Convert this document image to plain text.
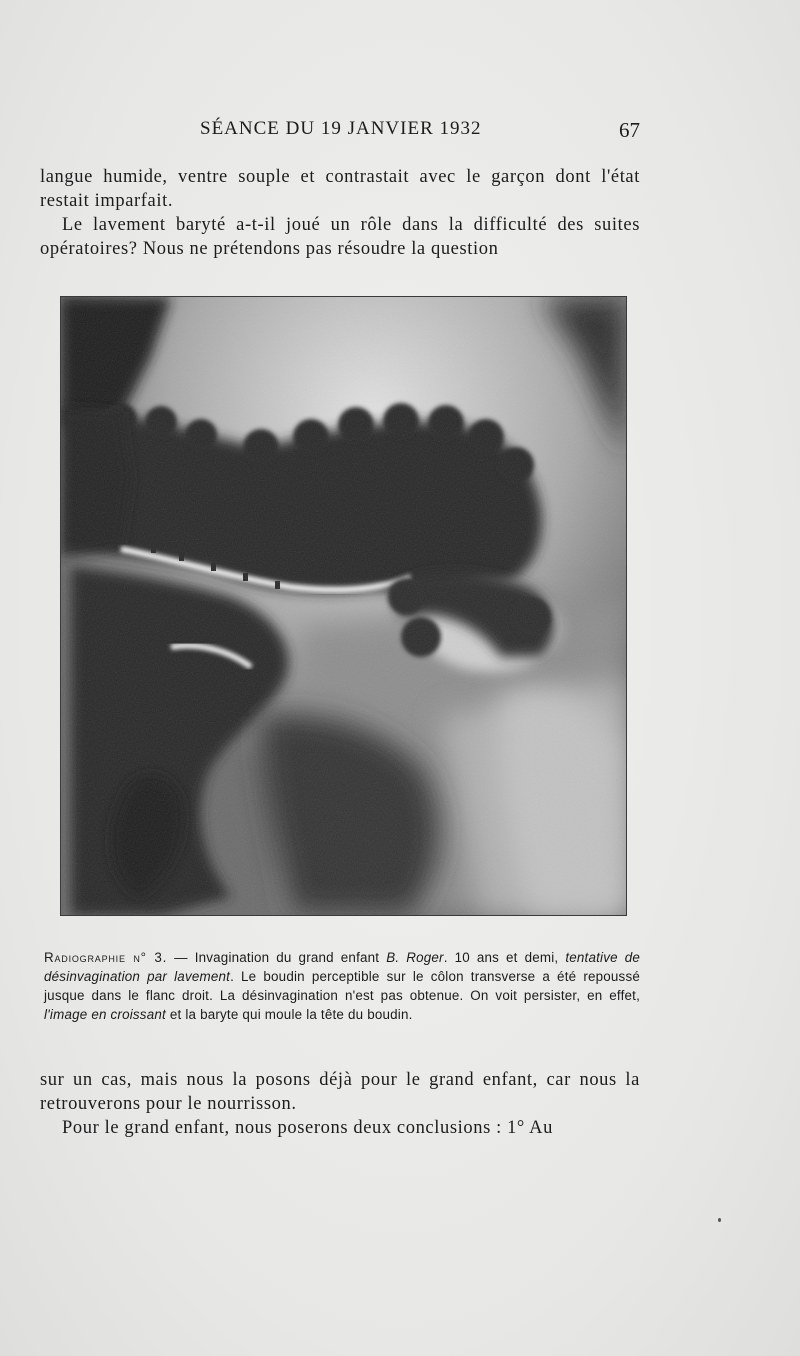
SÉANCE DU 19 JANVIER 1932	67

langue humide, ventre souple et contrastait avec le garçon dont l'état restait imparfait.

Le lavement baryté a-t-il joué un rôle dans la difficulté des suites opératoires? Nous ne prétendons pas résoudre la question

Radiographie n° 3. — Invagination du grand enfant B. Roger. 10 ans et demi, tentative de désinvagination par lavement. Le boudin perceptible sur le côlon transverse a été repoussé jusque dans le flanc droit. La désinvagination n'est pas obtenue. On voit persister, en effet, l'image en croissant et la baryte qui moule la tête du boudin.

sur un cas, mais nous la posons déjà pour le grand enfant, car nous la retrouverons pour le nourrisson.

Pour le grand enfant, nous poserons deux conclusions : 1° Au
